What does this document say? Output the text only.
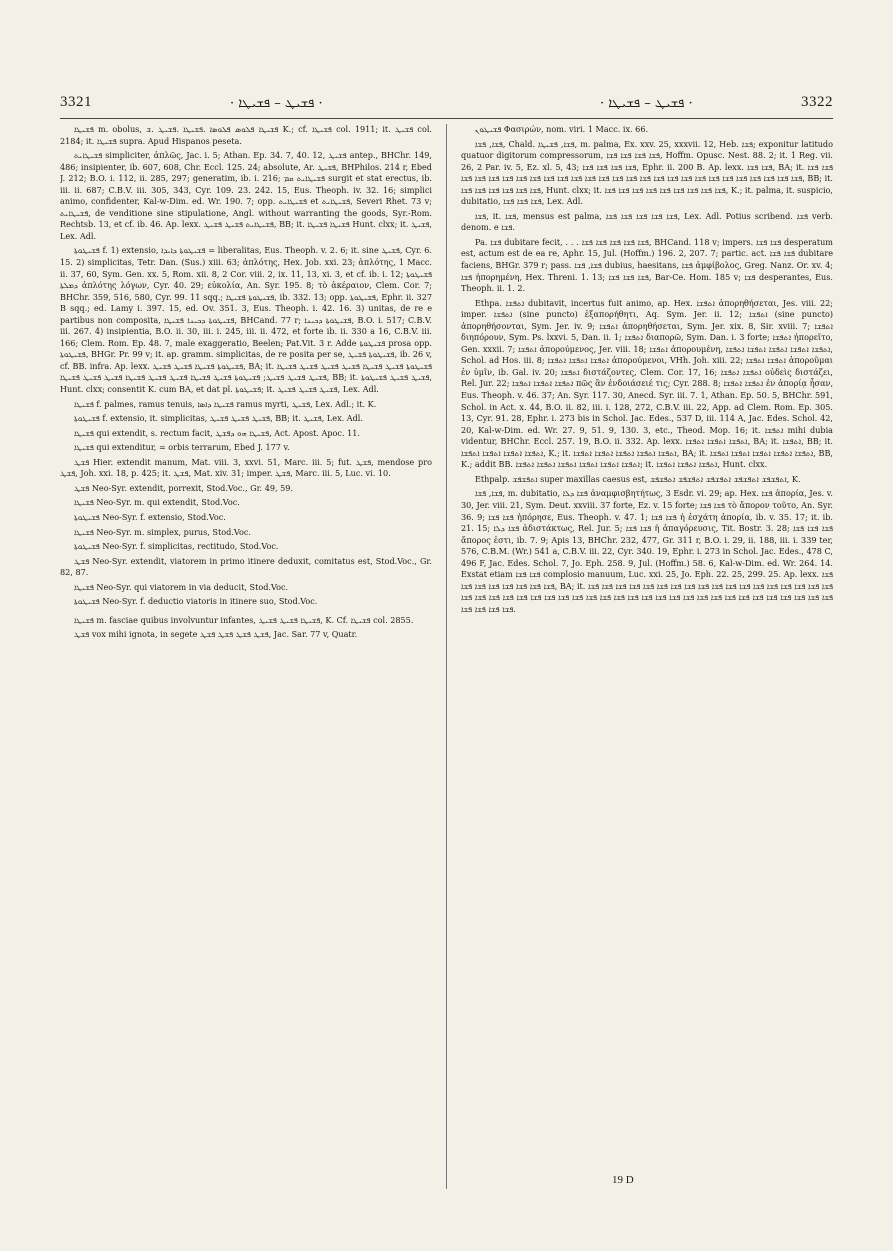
3321	· ܦܫܝܛ – ܦܫܝܛܐ ·	· ܦܫܝܛ – ܦܫܝܛܐ ·	3322

ܦܫܝܛܐ m. obolus, ܦܫܝܛܐ ܦܠܘܣ ܦܠܘܣܐ .ܦܫܝܛܐ .ܦܫܝܛ .ܫ K.; cf. ܦܫܝܛܐ col. 1911; it. ܦܫܝܛ col. 2184; it. ܦܫܝܛܐ supra. Apud Hispanos peseta.

ܦܫܝܛܐܝܬ simpliciter, ἁπλῶς, Jac. i. 5; Athan. Ep. 34. 7, 40. 12, ܦܫܝܛ antep., BHChr. 149, 486; insipienter, ib. 607, 608, Chr. Eccl. 125. 24; absolute, Ar. ܦܫܝܛ, BHPhilos. 214 r, Ebed J. 212; B.O. i. 112, ii. 285, 297; generatim, ib. i. 216; ܦܫܝܛܐܝܬ ܩܡ surgit et stat erectus, ib. iii. ii. 687; C.B.V. iii. 305, 343, Cyr. 109. 23. 242. 15, Eus. Theoph. iv. 32. 16; simplici animo, confidenter, Kal-w-Dim. ed. Wr. 190. 7; opp. ܦܫܝܛܐܝܬ et ܦܫܝܛܐܝܬ, Severi Rhet. 73 v; ܦܫܝܛܐܝܬ, de venditione sine stipulatione, Angl. without warranting the goods, Syr.-Rom. Rechtsb. 13, et cf. ib. 46. Ap. lexx. ܦܫܝܛܐܝܬ ܦܫܝܛ ܦܫܝܛ, BB; it. ܦܫܝܛܐ ܦܫܝܛܐ Hunt. clxx; it. ܦܫܝܛ, Lex. Adl.

ܦܫܝܛܘܬܐ f. 1) extensio, ܦܫܝܛܘܬܐ ܕܐܝܕܐ = liberalitas, Eus. Theoph. v. 2. 6; it. sine ܦܫܝܛ, Cyr. 6. 15. 2) simplicitas, Tetr. Dan. (Sus.) xiii. 63; ἁπλότης, Hex. Job. xxi. 23; ἁπλότης, 1 Macc. ii. 37, 60, Sym. Gen. xx. 5, Rom. xii. 8, 2 Cor. viii. 2, ix. 11, 13, xi. 3, et cf. ib. i. 12; ܦܫܝܛܘܬܐ ܕܡܠܬܐ ἁπλότης λόγων, Cyr. 40. 29; εὐκολία, An. Syr. 195. 8; τὸ ἀκέραιον, Clem. Cor. 7; BHChr. 359, 516, 580, Cyr. 99. 11 sqq.; ܦܫܝܛܘܬܐ ܦܫܝܛܐ, ib. 332. 13; opp. ܦܫܝܛܘܬܐ, Ephr. ii. 327 B sqq.; ed. Lamy i. 397. 15, ed. Ov. 351. 3, Eus. Theoph. i. 42. 16. 3) unitas, de re e partibus non composita, ܦܫܝܛܘܬܐ ܕܟܝܢܐ ܦܫܝܛܐ, BHCand. 77 r; ܦܫܝܛܘܬܐ ܕܟܝܢܐ, B.O. i. 517; C.B.V. iii. 267. 4) insipientia, B.O. ii. 30, iii. i. 245, iii. ii. 472, et forte ib. ii. 330 a 16, C.B.V. iii. 166; Clem. Rom. Ep. 48. 7, male exaggeratio, Beelen; Pat.Vit. 3 r. Adde ܦܫܝܛܘܬܐ prosa opp. ܦܫܝܛܘܬܐ, BHGr. Pr. 99 v; it. ap. gramm. simplicitas, de re posita per se, ܦܫܝܛܘܬܐ ܦܫܝܛ, ib. 26 v, cf. BB. infra. Ap. lexx. ܦܫܝܛܘܬܐ ܦܫܝܛܐ ܦܫܝܛ ܦܫܝܛ, BA; it. ܦܫܝܛܘܬܐ ܦܫܝܛ ܦܫܝܛܐ ܦܫܝܛ ܦܫܝܛ ܦܫܝܛ ܦܫܝܛܐ ܦܫܝܛ ܦܫܝܛ ܦܫܝܛ; ܦܫܝܛܘܬܐ ܦܫܝܛ ܦܫܝܛܐ ܦܫܝܛ ܦܫܝܛ ܦܫܝܛܐ ܦܫܝܛ ܦܫܝܛ ܦܫܝܛܐ, BB; it. ܦܫܝܛ ܦܫܝܛ ܦܫܝܛܘܬܐ, Hunt. clxx; consentit K. cum BA, et dat pl. ܦܫܝܛܘܬܐ; it. ܦܫܝܛ ܦܫܝܛ ܦܫܝܛ, Lex. Adl.

ܦܫܝܛܐ f. palmes, ramus tenuis, ܦܫܝܛܐ ܕܐܣܐ ramus myrti, ܦܫܝܛ, Lex. Adl.; it. K.

ܦܫܝܛܘܬܐ f. extensio, it. simplicitas, ܦܫܝܛ ܦܫܝܛ ܦܫܝܛ, BB; it. ܦܫܝܛ, Lex. Adl.

ܦܫܝܛܐ qui extendit, s. rectum facit, ܦܫܝܛܐ ܗܘ ܕܦܫܛ, Act. Apost. Apoc. 11.

ܦܫܝܛܐ qui extenditur, = orbis terrarum, Ebed J. 177 v.

ܦܫܛ Hier. extendit manum, Mat. viii. 3, xxvi. 51, Marc. iii. 5; fut. ܦܫܛ, mendose pro ܦܫܛ, Joh. xxi. 18, p. 425; it. ܦܫܛ, Mat. xiv. 31; imper. ܦܫܛ, Marc. iii. 5, Luc. vi. 10.

ܦܫܛ Neo-Syr. extendit, porrexit, Stod.Voc., Gr. 49, 59.

ܦܫܝܛܐ Neo-Syr. m. qui extendit, Stod.Voc.

ܦܫܝܛܘܬܐ Neo-Syr. f. extensio, Stod.Voc.

ܦܫܝܛܐ Neo-Syr. m. simplex, purus, Stod.Voc.

ܦܫܝܛܘܬܐ Neo-Syr. f. simplicitas, rectitudo, Stod.Voc.

ܦܫܛ Neo-Syr. extendit, viatorem in primo itinere deduxit, comitatus est, Stod.Voc., Gr. 82, 87.

ܦܫܝܛܐ Neo-Syr. qui viatorem in via deducit, Stod.Voc.

ܦܫܝܛܘܬܐ Neo-Syr. f. deductio viatoris in itinere suo, Stod.Voc.

ܦܫܝܛܐ m. fasciae quibus involvuntur infantes, ܦܫܝܛܐ ܦܫܝܛ ܦܫܝܛ, K. Cf. ܦܫܝܛܐ col. 2855.

ܦܫܛ vox mihi ignota, in segete ܦܫܛ ܦܫܛ ܦܫܛ ܦܫܛ, Jac. Sar. 77 v, Quatr.

ܦܫܝܛܘܢ Φασιρών, nom. viri. 1 Macc. ix. 66.

ܦܫܐ, ܦܫܐ, Chald. ܦܫܐ, ܦܫܝܛܐ, m. palma, Ex. xxv. 25, xxxvii. 12, Heb. ܦܫܐ; exponitur latitudo quatuor digitorum compressorum, ܦܫܐ ܦܫܐ ܦܫܐ ܦܫܐ, Hoffm. Opusc. Nest. 88. 2; it. 1 Reg. vii. 26, 2 Par. iv. 5, Ez. xl. 5, 43; ܦܫܐ ܦܫܐ ܦܫܐ ܦܫܐ, Ephr. ii. 200 B. Ap. lexx. ܦܫܐ ܦܫܐ, BA; it. ܦܫܐ ܦܫܐ ܦܫܐ ܦܫܐ ܦܫܐ ܦܫܐ ܦܫܐ ܦܫܐ ܦܫܐ ܦܫܐ ܦܫܐ ܦܫܐ ܦܫܐ ܦܫܐ ܦܫܐ ܦܫܐ ܦܫܐ ܦܫܐ ܦܫܐ ܦܫܐ ܦܫܐ ܦܫܐ ܦܫܐ ܦܫܐ ܦܫܐ ܦܫܐ ܦܫܐ, BB; it. ܦܫܐ ܦܫܐ ܦܫܐ ܦܫܐ ܦܫܐ ܦܫܐ, Hunt. clxx; it. ܦܫܐ ܦܫܐ ܦܫܐ ܦܫܐ ܦܫܐ ܦܫܐ ܦܫܐ ܦܫܐ ܦܫܐ, K.; it. palma, it. suspicio, dubitatio, ܦܫܐ ܦܫܐ ܦܫܐ, Lex. Adl.

ܦܫܐ, it. ܦܫܐ, mensus est palma, ܦܫܐ ܦܫܐ ܦܫܐ ܦܫܐ ܦܫܐ, Lex. Adl. Potius scribend. ܦܫܐ verb. denom. e ܦܫܐ.

Pa. ܦܫܐ dubitare fecit, . . . ܦܫܐ ܦܫܐ ܦܫܐ ܦܫܐ ܦܫܐ, BHCand. 118 v; impers. ܦܫܐ ܦܫܐ desperatum est, actum est de ea re, Aphr. 15, Jul. (Hoffm.) 196. 2, 207. 7; partic. act. ܦܫܐ ܦܫܐ dubitare faciens, BHGr. 379 r; pass. ܦܫܐ, ܦܫܐ dubius, haesitans, ܦܫܐ ἀμφίβολος, Greg. Nanz. Or. xv. 4; ܦܫܐ ἠπορημένη, Hex. Threni. 1. 13; ܦܫܐ ܦܫܐ ܦܫܐ, Bar-Ce. Hom. 185 v; ܦܫܐ desperantes, Eus. Theoph. ii. 1. 2.

Ethpa. ܐܬܦܫܐ dubitavit, incertus fuit animo, ap. Hex. ܐܬܦܫܐ ἀπορηθήσεται, Jes. viii. 22; imper. ܐܬܦܫܐ (sine puncto) ἐξαπορήθητι, Aq. Sym. Jer. ii. 12; ܐܬܦܫܐ (sine puncto) ἀπορηθήσονται, Sym. Jer. iv. 9; ܐܬܦܫܐ ἀπορηθήσεται, Sym. Jer. xix. 8, Sir. xviii. 7; ܐܬܦܫܐ διηπόρουν, Sym. Ps. lxxvi. 5, Dan. ii. 1; ܐܬܦܫܐ διαπορῶ, Sym. Dan. i. 3 forte; ܐܬܦܫܐ ἠπορεῖτο, Gen. xxxii. 7; ܐܬܦܫܐ ἀπορούμενος, Jer. viii. 18; ܐܬܦܫܐ ἀπορουμένη, ܐܬܦܫܐ ܐܬܦܫܐ ܐܬܦܫܐ ܐܬܦܫܐ ܐܬܦܫܐ, Schol. ad Hos. iii. 8; ܐܬܦܫܐ ܐܬܦܫܐ ܐܬܦܫܐ ἀπορούμενοι, VHh. Joh. xiii. 22; ܐܬܦܫܐ ܐܬܦܫܐ ἀποροῦμαι ἐν ὑμῖν, ib. Gal. iv. 20; ܐܬܦܫܐ διστάζοντες, Clem. Cor. 17, 16; ܐܬܦܫܐ ܐܬܦܫܐ οὐδεὶς διστάζει, Rel. Jur. 22; ܐܬܦܫܐ ܐܬܦܫܐ ܐܬܦܫܐ πῶς ἂν ἐνδοιάσειέ τις; Cyr. 288. 8; ܐܬܦܫܐ ܐܬܦܫܐ ἐν ἀπορίᾳ ἦσαν, Eus. Theoph. v. 46. 37; An. Syr. 117. 30, Anecd. Syr. iii. 7. 1, Athan. Ep. 50. 5, BHChr. 591, Schol. in Act. x. 44, B.O. ii. 82, iii. i. 128, 272, C.B.V. iii. 22, App. ad Clem. Rom. Ep. 305. 13, Cyr. 91. 28, Ephr. i. 273 bis in Schol. Jac. Edes., 537 D, iii. 114 A, Jac. Edes. Schol. 42, 20, Kal-w-Dim. ed. Wr. 27. 9, 51. 9, 130. 3, etc., Theod. Mop. 16; it. ܐܬܦܫܐ mihi dubia videntur, BHChr. Eccl. 257. 19, B.O. ii. 332. Ap. lexx. ܐܬܦܫܐ ܐܬܦܫܐ ܐܬܦܫܐ, BA; it. ܐܬܦܫܐ, BB; it. ܐܬܦܫܐ ܐܬܦܫܐ ܐܬܦܫܐ ܐܬܦܫܐ, K.; it. ܐܬܦܫܐ ܐܬܦܫܐ ܐܬܦܫܐ ܐܬܦܫܐ ܐܬܦܫܐ, BA; it. ܐܬܦܫܐ ܐܬܦܫܐ ܐܬܦܫܐ ܐܬܦܫܐ ܐܬܦܫܐ, BB, K.; addit BB. ܐܬܦܫܐ ܐܬܦܫܐ ܐܬܦܫܐ ܐܬܦܫܐ ܐܬܦܫܐ ܐܬܦܫܐ; it. ܐܬܦܫܐ ܐܬܦܫܐ ܐܬܦܫܐ, Hunt. clxx.

Ethpalp. ܐܬܦܫܦܫ super maxillas caesus est, ܐܬܦܫܦܫ ܐܬܦܫܦܫ ܐܬܦܫܦܫ ܐܬܦܫܦܫ ܐܬܦܫܦܫ, K.

ܦܫܐ, ܦܫܐ, m. dubitatio, ܦܫܐ ܕܠܐ ἀναμφισβητήτως, 3 Esdr. vi. 29; ap. Hex. ܦܫܐ ἀπορία, Jes. v. 30, Jer. viii. 21, Sym. Deut. xxviii. 37 forte, Ez. v. 15 forte; ܦܫܐ ܦܫܐ τὸ ἄπορον τοῦτο, An. Syr. 36. 9; ܦܫܐ ܦܫܐ ἠπόρησε, Eus. Theoph. v. 47. 1; ܦܫܐ ܦܫܐ ἡ ἐσχάτη ἀπορία, ib. v. 35. 17; it. ib. 21. 15; ܦܫܐ ܕܠܐ ἀδιστάκτως, Rel. Jur. 5; ܦܫܐ ܦܫܐ ἡ ἀπαγόρευσις, Tit. Bostr. 3. 28; ܦܫܐ ܦܫܐ ܦܫܐ ἄπορος ἐστι, ib. 7. 9; Apis 13, BHChr. 232, 477, Gr. 311 r, B.O. i. 29, ii. 188, iii. i. 339 ter, 576, C.B.M. (Wr.) 541 a, C.B.V. iii. 22, Cyr. 340. 19, Ephr. i. 273 in Schol. Jac. Edes., 478 C, 496 F, Jac. Edes. Schol. 7, Jo. Eph. 258. 9, Jul. (Hoffm.) 58. 6, Kal-w-Dim. ed. Wr. 264. 14. Exstat etiam ܦܫܐ ܦܫܐ complosio manuum, Luc. xxi. 25, Jo. Eph. 22. 25, 299. 25. Ap. lexx. ܦܫܐ ܦܫܐ ܦܫܐ ܦܫܐ ܦܫܐ ܦܫܐ ܦܫܐ ܦܫܐ, BA; it. ܦܫܐ ܦܫܐ ܦܫܐ ܦܫܐ ܦܫܐ ܦܫܐ ܦܫܐ ܦܫܐ ܦܫܐ ܦܫܐ ܦܫܐ ܦܫܐ ܦܫܐ ܦܫܐ ܦܫܐ ܦܫܐ ܦܫܐ ܦܫܐ ܦܫܐ ܦܫܐ ܦܫܐ ܦܫܐ ܦܫܐ ܦܫܐ ܦܫܐ ܦܫܐ ܦܫܐ ܦܫܐ ܦܫܐ ܦܫܐ ܦܫܐ ܦܫܐ ܦܫܐ ܦܫܐ ܦܫܐ ܦܫܐ ܦܫܐ ܦܫܐ ܦܫܐ ܦܫܐ ܦܫܐ ܦܫܐ ܦܫܐ ܦܫܐ ܦܫܐ ܦܫܐ ܦܫܐ ܦܫܐ ܦܫܐ.

19 D
